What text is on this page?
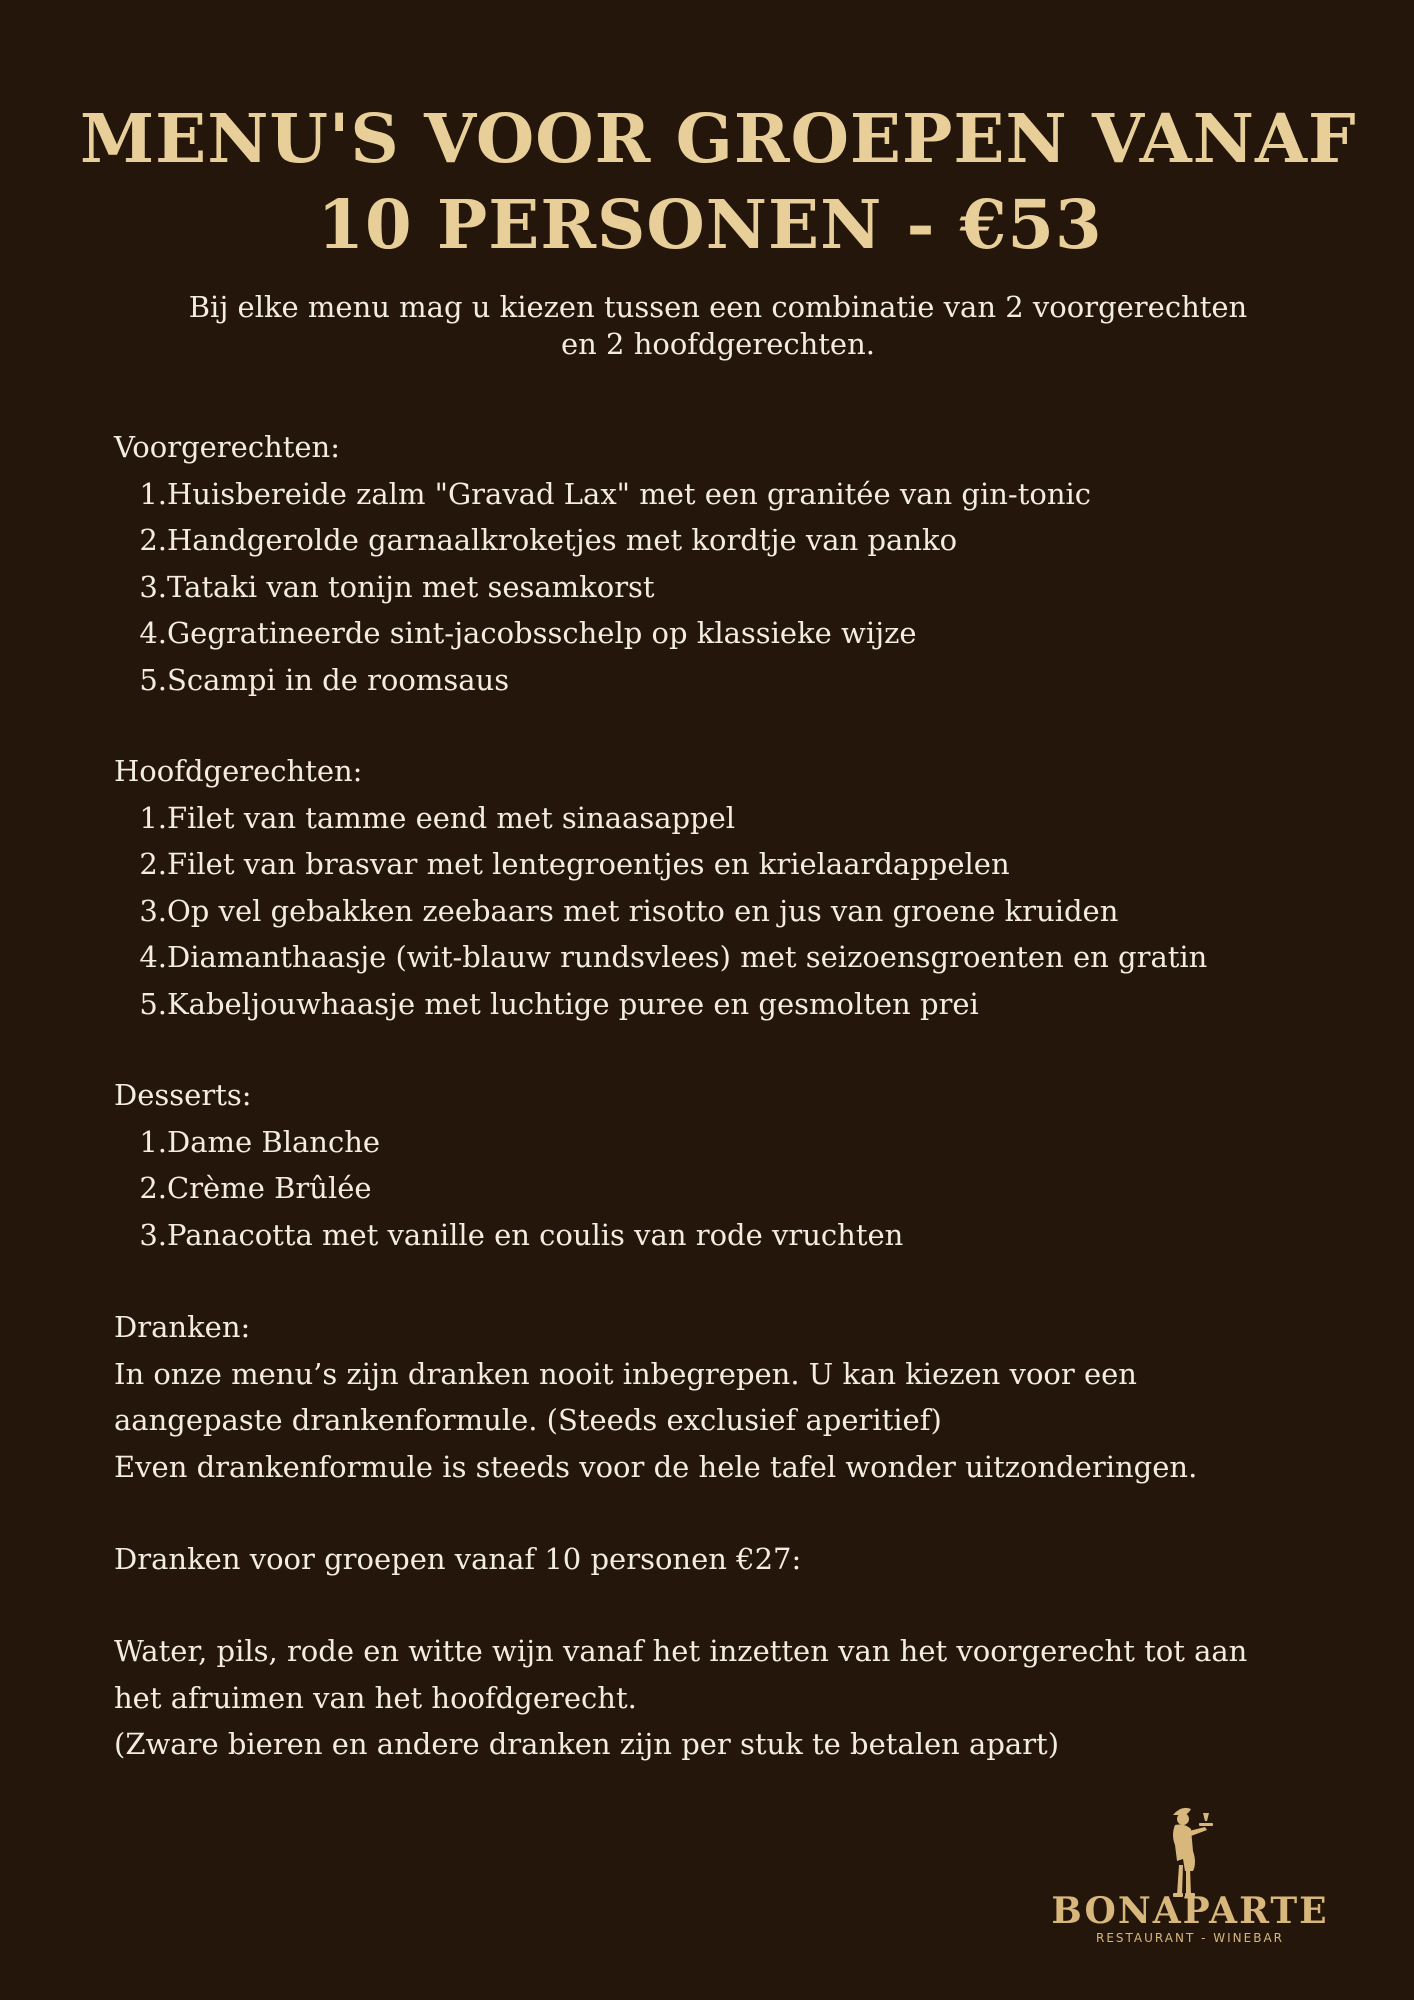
MENU'S VOOR GROEPEN VANAF
10 PERSONEN - €53
Bij elke menu mag u kiezen tussen een combinatie van 2 voorgerechten
en 2 hoofdgerechten.
Voorgerechten:
1. Huisbereide zalm "Gravad Lax" met een granitée van gin-tonic
2. Handgerolde garnaalkroketjes met kordtje van panko
3. Tataki van tonijn met sesamkorst
4. Gegratineerde sint-jacobsschelp op klassieke wijze
5. Scampi in de roomsaus
Hoofdgerechten:
1. Filet van tamme eend met sinaasappel
2. Filet van brasvar met lentegroentjes en krielaardappelen
3. Op vel gebakken zeebaars met risotto en jus van groene kruiden
4. Diamanthaasje (wit-blauw rundsvlees) met seizoensgroenten en gratin
5. Kabeljouwhaasje met luchtige puree en gesmolten prei
Desserts:
1. Dame Blanche
2. Crème Brûlée
3. Panacotta met vanille en coulis van rode vruchten
Dranken:
In onze menu’s zijn dranken nooit inbegrepen. U kan kiezen voor een
aangepaste drankenformule. (Steeds exclusief aperitief)
Even drankenformule is steeds voor de hele tafel wonder uitzonderingen.
Dranken voor groepen vanaf 10 personen €27:
Water, pils, rode en witte wijn vanaf het inzetten van het voorgerecht tot aan
het afruimen van het hoofdgerecht.
(Zware bieren en andere dranken zijn per stuk te betalen apart)
BONAPARTE
RESTAURANT - WINEBAR
